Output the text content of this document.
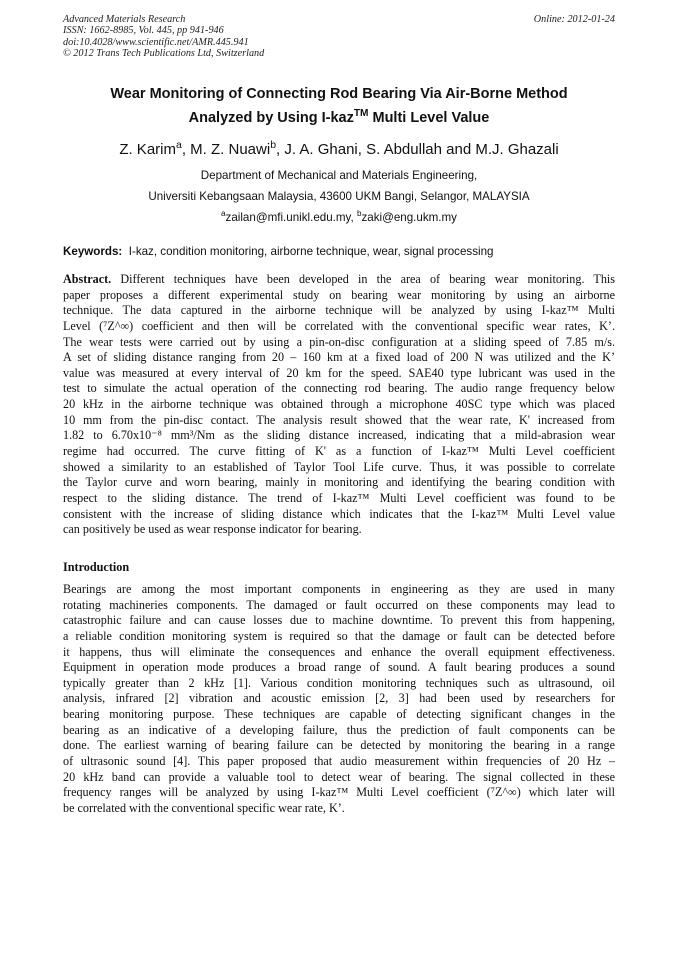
Advanced Materials Research
ISSN: 1662-8985, Vol. 445, pp 941-946
doi:10.4028/www.scientific.net/AMR.445.941
© 2012 Trans Tech Publications Ltd, Switzerland
Online: 2012-01-24
Wear Monitoring of Connecting Rod Bearing Via Air-Borne Method
Analyzed by Using I-kaz™ Multi Level Value
Z. Karim$^a$, M. Z. Nuawi$^b$, J. A. Ghani, S. Abdullah and M.J. Ghazali
Department of Mechanical and Materials Engineering,
Universiti Kebangsaan Malaysia, 43600 UKM Bangi, Selangor, MALAYSIA
$^a$zailan@mfi.unikl.edu.my, $^b$zaki@eng.ukm.my
Keywords: I-kaz, condition monitoring, airborne technique, wear, signal processing
Abstract. Different techniques have been developed in the area of bearing wear monitoring. This
paper proposes a different experimental study on bearing wear monitoring by using an airborne
technique. The data captured in the airborne technique will be analyzed by using I-kaz™ Multi
Level (⁷Z^∞) coefficient and then will be correlated with the conventional specific wear rates, K’.
The wear tests were carried out by using a pin-on-disc configuration at a sliding speed of 7.85 m/s.
A set of sliding distance ranging from 20 – 160 km at a fixed load of 200 N was utilized and the K’
value was measured at every interval of 20 km for the speed. SAE40 type lubricant was used in the
test to simulate the actual operation of the connecting rod bearing. The audio range frequency below
20 kHz in the airborne technique was obtained through a microphone 40SC type which was placed
10 mm from the pin-disc contact. The analysis result showed that the wear rate, K' increased from
1.82 to 6.70x10⁻⁸ mm³/Nm as the sliding distance increased, indicating that a mild-abrasion wear
regime had occurred. The curve fitting of K' as a function of I-kaz™ Multi Level coefficient
showed a similarity to an established of Taylor Tool Life curve. Thus, it was possible to correlate
the Taylor curve and worn bearing, mainly in monitoring and identifying the bearing condition with
respect to the sliding distance. The trend of I-kaz™ Multi Level coefficient was found to be
consistent with the increase of sliding distance which indicates that the I-kaz™ Multi Level value
can positively be used as wear response indicator for bearing.
Introduction
Bearings are among the most important components in engineering as they are used in many
rotating machineries components. The damaged or fault occurred on these components may lead to
catastrophic failure and can cause losses due to machine downtime. To prevent this from happening,
a reliable condition monitoring system is required so that the damage or fault can be detected before
it happens, thus will eliminate the consequences and enhance the overall equipment effectiveness.
Equipment in operation mode produces a broad range of sound. A fault bearing produces a sound
typically greater than 2 kHz [1]. Various condition monitoring techniques such as ultrasound, oil
analysis, infrared [2] vibration and acoustic emission [2, 3] had been used by researchers for
bearing monitoring purpose. These techniques are capable of detecting significant changes in the
bearing as an indicative of a developing failure, thus the prediction of fault components can be
done. The earliest warning of bearing failure can be detected by monitoring the bearing in a range
of ultrasonic sound [4]. This paper proposed that audio measurement within frequencies of 20 Hz –
20 kHz band can provide a valuable tool to detect wear of bearing. The signal collected in these
frequency ranges will be analyzed by using I-kaz™ Multi Level coefficient (⁷Z^∞) which later will
be correlated with the conventional specific wear rate, K’.
